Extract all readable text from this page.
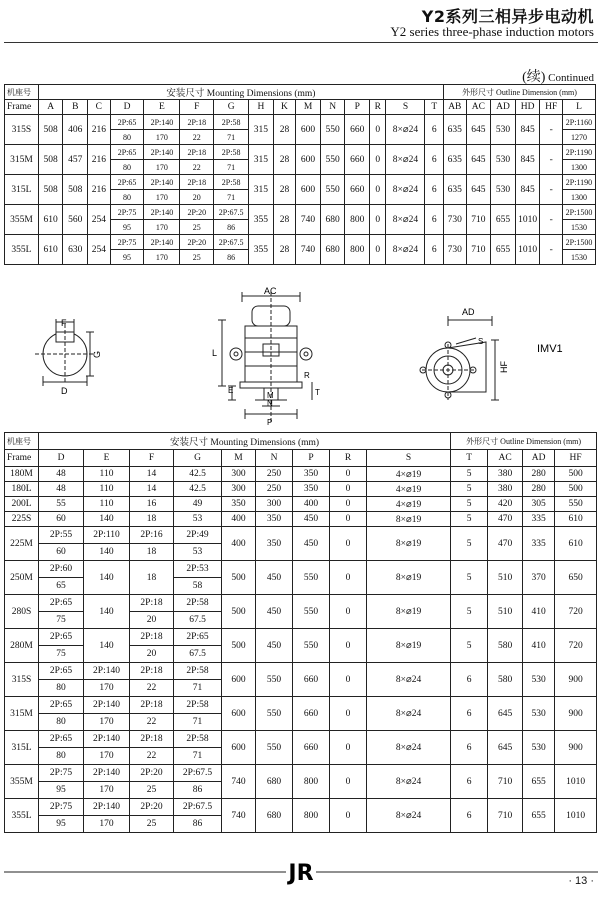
Y2系列三相异步电动机
Y2 series three-phase induction motors
(续) Continued
机座号	安装尺寸 Mounting Dimensions (mm)															外形尺寸 Outline Dimension (mm)					
Frame	A	B	C	D	E	F	G	H	K	M	N	P	R	S	T	AB	AC	AD	HD	HF	L
315S	508	406	216	2P:65	2P:140	2P:18	2P:58	315	28	600	550	660	0	8×⌀24	6	635	645	530	845	-	2P:1160
				80	170	22	71														1270
315M	508	457	216	2P:65	2P:140	2P:18	2P:58	315	28	600	550	660	0	8×⌀24	6	635	645	530	845	-	2P:1190
				80	170	22	71														1300
315L	508	508	216	2P:65	2P:140	2P:18	2P:58	315	28	600	550	660	0	8×⌀24	6	635	645	530	845	-	2P:1190
				80	170	20	71														1300
355M	610	560	254	2P:75	2P:140	2P:20	2P:67.5	355	28	740	680	800	0	8×⌀24	6	730	710	655	1010	-	2P:1500
				95	170	25	86														1530
355L	610	630	254	2P:75	2P:140	2P:20	2P:67.5	355	28	740	680	800	0	8×⌀24	6	730	710	655	1010	-	2P:1500
				95	170	25	86														1530
F
G
D
AC
L
E
R
T
M
N
P
AD
S
HF
IMV1
机座号	安装尺寸 Mounting Dimensions (mm)									外形尺寸 Outline Dimension (mm)				
Frame	D	E	F	G	M	N	P	R	S	T	AC	AD	HF	
180M	48	110	14	42.5	300	250	350	0	4×⌀19	5	380	280	500	
180L	48	110	14	42.5	300	250	350	0	4×⌀19	5	380	280	500	
200L	55	110	16	49	350	300	400	0	4×⌀19	5	420	305	550	
225S	60	140	18	53	400	350	450	0	8×⌀19	5	470	335	610	
225M	2P:55	2P:110	2P:16	2P:49	400	350	450	0	8×⌀19	5	470	335	610	
	60	140	18	53	
250M	2P:60	140	18	2P:53	500	450	550	0	8×⌀19	5	510	370	650	
	65			58										
280S	2P:65	140	2P:18	2P:58	500	450	550	0	8×⌀19	5	510	410	720	
	75		20	67.5										
280M	2P:65	140	2P:18	2P:65	500	450	550	0	8×⌀19	5	580	410	720	
	75		20	67.5										
315S	2P:65	2P:140	2P:18	2P:58	600	550	660	0	8×⌀24	6	580	530	900	
	80	170	22	71	
315M	2P:65	2P:140	2P:18	2P:58	600	550	660	0	8×⌀24	6	645	530	900	
	80	170	22	71	
315L	2P:65	2P:140	2P:18	2P:58	600	550	660	0	8×⌀24	6	645	530	900	
	80	170	22	71	
355M	2P:75	2P:140	2P:20	2P:67.5	740	680	800	0	8×⌀24	6	710	655	1010	
	95	170	25	86	
355L	2P:75	2P:140	2P:20	2P:67.5	740	680	800	0	8×⌀24	6	710	655	1010	
	95	170	25	86	
JR	· 13 ·
